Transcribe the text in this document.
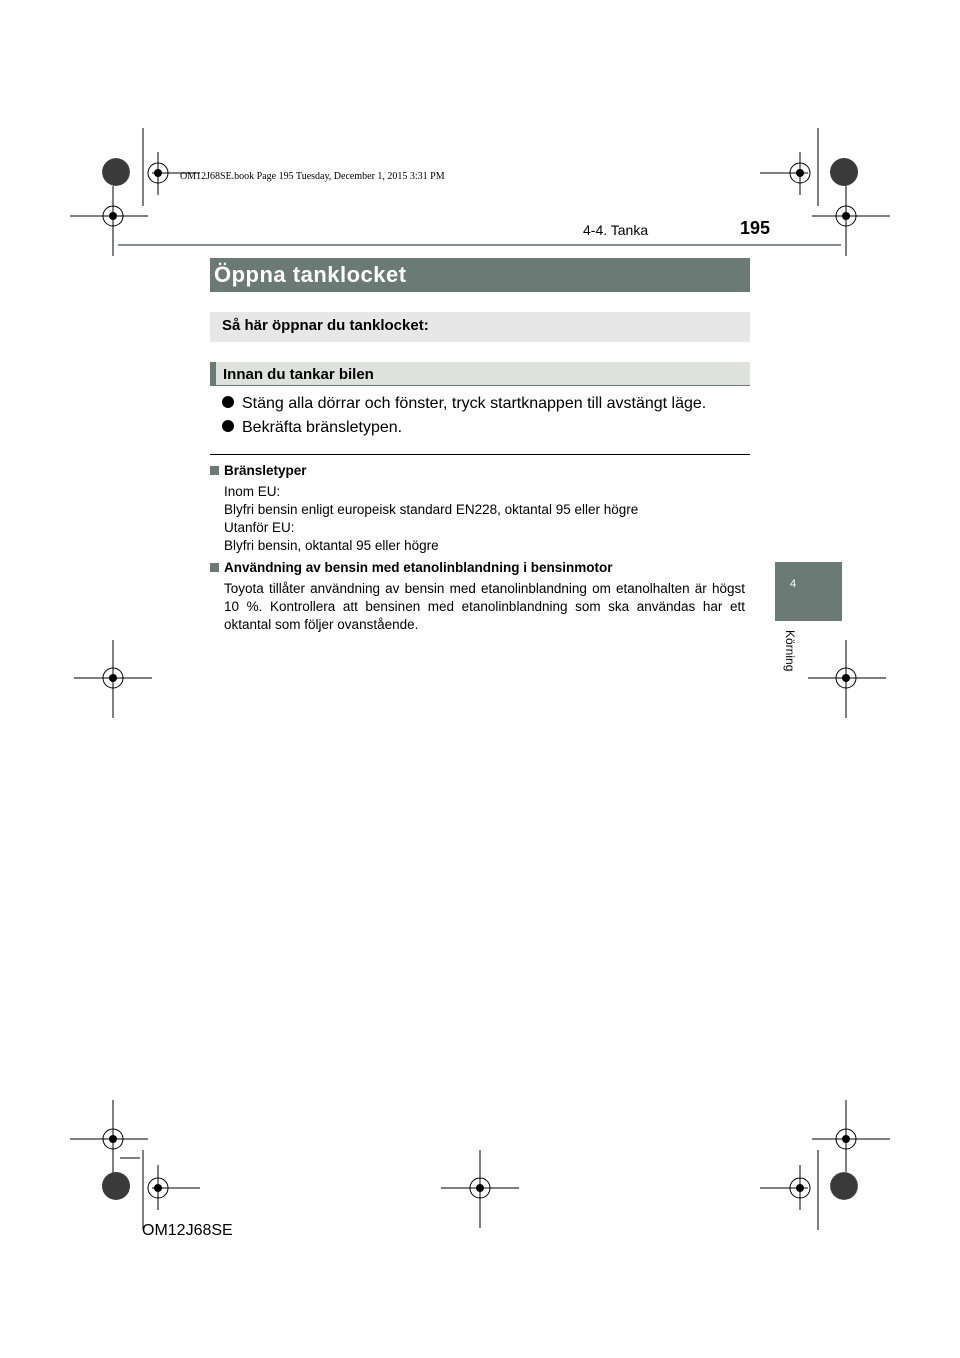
OM12J68SE.book Page 195 Tuesday, December 1, 2015 3:31 PM
4-4. Tanka	195
Öppna tanklocket
Så här öppnar du tanklocket:
Innan du tankar bilen
Stäng alla dörrar och fönster, tryck startknappen till avstängt läge.
Bekräfta bränsletypen.
Bränsletyper
Inom EU:
Blyfri bensin enligt europeisk standard EN228, oktantal 95 eller högre
Utanför EU:
Blyfri bensin, oktantal 95 eller högre
Användning av bensin med etanolinblandning i bensinmotor
Toyota tillåter användning av bensin med etanolinblandning om etanolhalten är högst 10 %. Kontrollera att bensinen med etanolinblandning som ska användas har ett oktantal som följer ovanstående.
4
Körning
OM12J68SE
